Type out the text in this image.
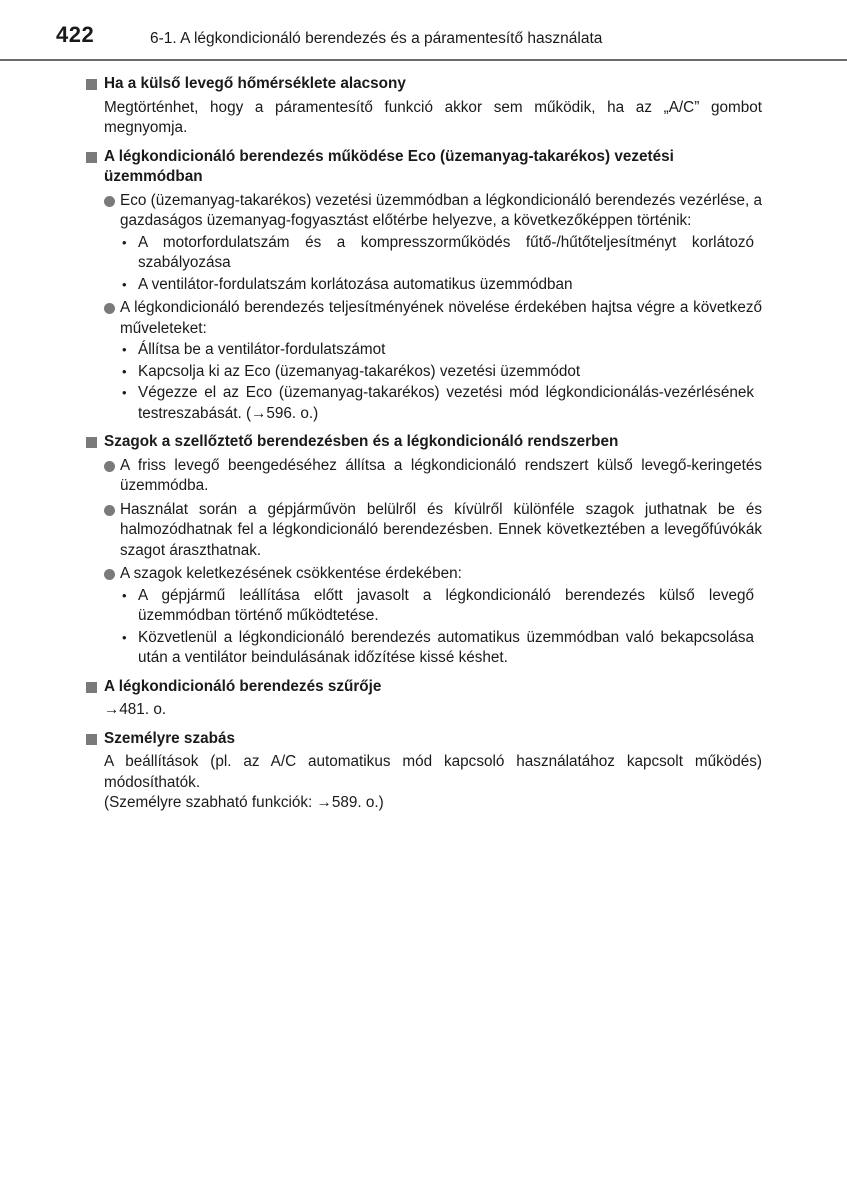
422	6-1. A légkondicionáló berendezés és a páramentesítő használata
Ha a külső levegő hőmérséklete alacsony
Megtörténhet, hogy a páramentesítő funkció akkor sem működik, ha az „A/C” gombot megnyomja.
A légkondicionáló berendezés működése Eco (üzemanyag-takarékos) vezetési üzemmódban
Eco (üzemanyag-takarékos) vezetési üzemmódban a légkondicionáló berendezés vezérlése, a gazdaságos üzemanyag-fogyasztást előtérbe helyezve, a következőképpen történik:
• A motorfordulatszám és a kompresszorműködés fűtő-/hűtőteljesítményt korlátozó szabályozása
• A ventilátor-fordulatszám korlátozása automatikus üzemmódban
A légkondicionáló berendezés teljesítményének növelése érdekében hajtsa végre a következő műveleteket:
• Állítsa be a ventilátor-fordulatszámot
• Kapcsolja ki az Eco (üzemanyag-takarékos) vezetési üzemmódot
• Végezze el az Eco (üzemanyag-takarékos) vezetési mód légkondicionálás-vezérlésének testreszabását. (→596. o.)
Szagok a szellőztető berendezésben és a légkondicionáló rendszerben
A friss levegő beengedéséhez állítsa a légkondicionáló rendszert külső levegő-keringetés üzemmódba.
Használat során a gépjárművön belülről és kívülről különféle szagok juthatnak be és halmozódhatnak fel a légkondicionáló berendezésben. Ennek következtében a levegőfúvókák szagot áraszthatnak.
A szagok keletkezésének csökkentése érdekében:
• A gépjármű leállítása előtt javasolt a légkondicionáló berendezés külső levegő üzemmódban történő működtetése.
• Közvetlenül a légkondicionáló berendezés automatikus üzemmódban való bekapcsolása után a ventilátor beindulásának időzítése kissé késhet.
A légkondicionáló berendezés szűrője
→481. o.
Személyre szabás
A beállítások (pl. az A/C automatikus mód kapcsoló használatához kapcsolt működés) módosíthatók.
(Személyre szabható funkciók: →589. o.)
